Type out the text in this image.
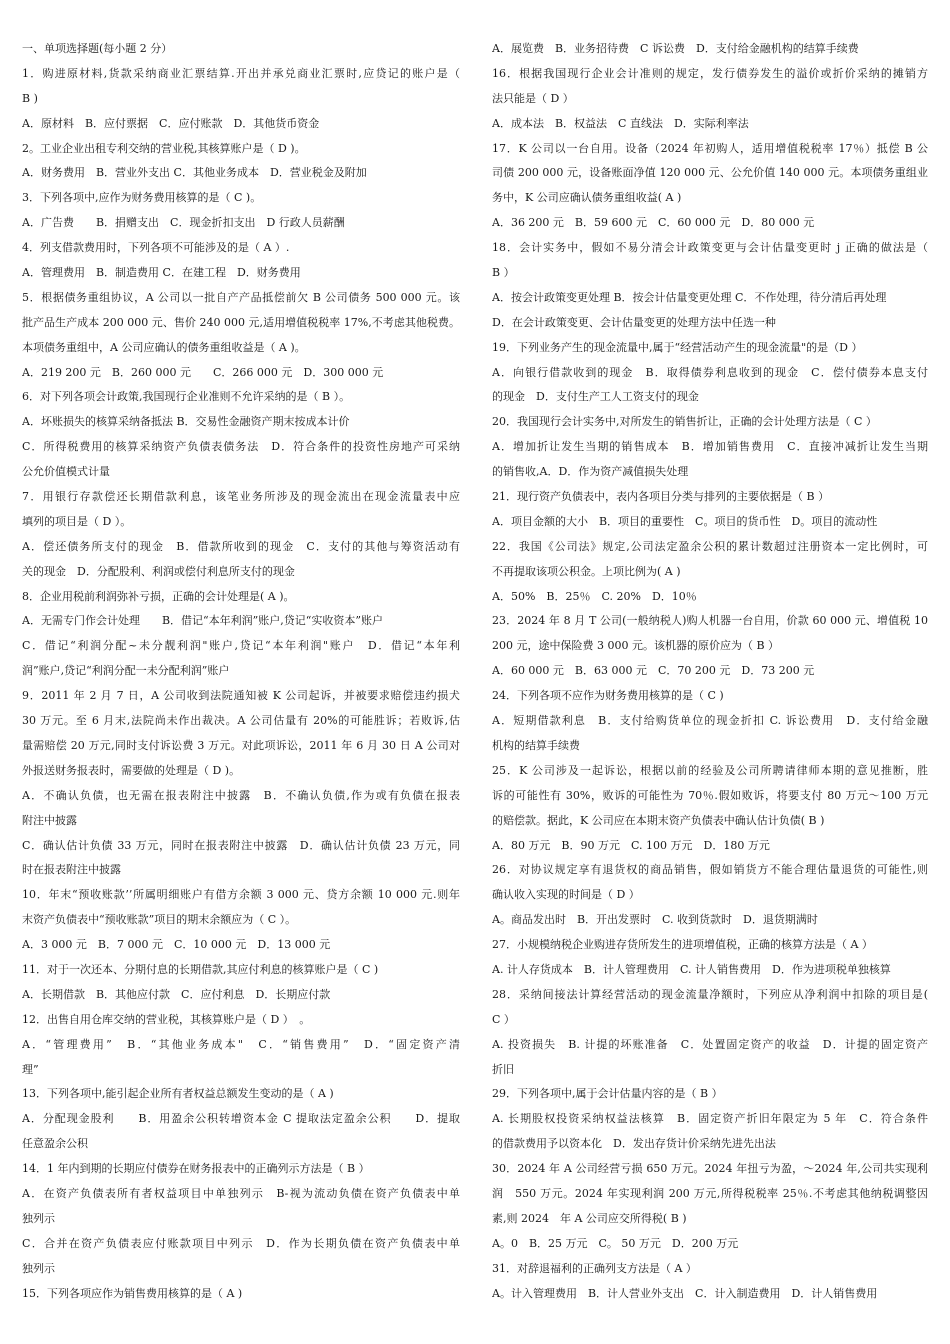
一、单项选择题(每小题 2 分）
1．购进原材料,货款采纳商业汇票结算.开出并承兑商业汇票时,应贷记的账户是（
B )
A．原材料　B．应付票据　C．应付账款　D．其他货币资金
2。工业企业出租专利交纳的营业税,其核算账户是（ D )。
A．财务费用　B．营业外支出 C．其他业务成本　D．营业税金及附加
3．下列各项中,应作为财务费用核算的是（ C )。
A．广告费　　B．捐赠支出　C．现金折扣支出　D 行政人员薪酬
4．列支借款费用时，下列各项不可能涉及的是（ A ）.
A．管理费用　B．制造费用 C．在建工程　D．财务费用
5．根据债务重组协议，A 公司以一批自产产品抵偿前欠 B 公司债务 500 000 元。该
批产品生产成本 200 000 元、售价 240 000 元,适用增值税税率 17%,不考虑其他税费。
本项债务重组中，A 公司应确认的债务重组收益是（ A )。
A．219 200 元　B．260 000 元　　C．266 000 元　D．300 000 元
6．对下列各项会计政策,我国现行企业准则不允许采纳的是（ B ）。
A．坏账损失的核算采纳备抵法 B．交易性金融资产期末按成本计价
C．所得税费用的核算采纳资产负债表债务法　D．符合条件的投资性房地产可采纳
公允价值模式计量
7．用银行存款偿还长期借款利息，该笔业务所涉及的现金流出在现金流量表中应
填列的项目是（ D ）。
A．偿还债务所支付的现金　B．借款所收到的现金　C．支付的其他与筹资活动有
关的现金　D．分配股利、利润或偿付利息所支付的现金
8．企业用税前利润弥补亏损，正确的会计处理是( A )。
A．无需专门作会计处理　　B．借记“本年利润”账户,贷记“实收资本”账户
C．借记“利润分配~未分靓利润"账户,贷记“本年利润"账户　D．借记“本年利
润”账户,贷记“利润分配一未分配利润”账户
9．2011 年 2 月 7 日，A 公司收到法院通知被 K 公司起诉，并被要求赔偿违约损犬
30 万元。至 6 月末,法院尚未作出裁决。A 公司估量有 20%的可能胜诉；若败诉,估
量需赔偿 20 万元,同时支付诉讼费 3 万元。对此项诉讼，2011 年 6 月 30 日 A 公司对
外报送财务报表时，需要做的处理是（ D )。
A．不确认负债，也无需在报表附注中披露　B．不确认负债,作为或有负债在报表
附注中披露
C．确认估计负债 33 万元，同时在报表附注中披露　D．确认估计负债 23 万元，同
时在报表附注中披露
10．年末“预收账款’’所属明细账户有借方余额 3 000 元、贷方余额 10 000 元.则年
末资产负债表中“预收账款”项目的期末余额应为（ C ）。
A．3 000 元　B．7 000 元　C．10 000 元　D．13 000 元
11．对于一次还本、分期付息的长期借款,其应付利息的核算账户是（ C )
A．长期借款　B．其他应付款　C．应付利息　D．长期应付款
12．出售自用仓库交纳的营业税，其核算账户是（ D ）　。
A．“管理费用”　B．“其他业务成本"　C．“销售费用”　D．“固定资产清
理”
13．下列各项中,能引起企业所有者权益总额发生变动的是（ A )
A．分配现金股利　　B．用盈余公积转增资本金 C 提取法定盈余公积　　D．提取
任意盈余公积
14．1 年内到期的长期应付债券在财务报表中的正确列示方法是（ B ）
A．在资产负债表所有者权益项目中单独列示　B-视为流动负债在资产负债表中单
独列示
C．合并在资产负债表应付账款项目中列示　D．作为长期负债在资产负债表中单
独列示
15．下列各项应作为销售费用核算的是（ A )
A．展览费　B．业务招待费　C 诉讼费　D．支付给金融机构的结算手续费
16．根据我国现行企业会计准则的规定，发行债券发生的溢价或折价采纳的摊销方
法只能是（ D ）
A．成本法　B．权益法　C 直线法　D．实际利率法
17．K 公司以一台自用。设备（2024 年初购人，适用增值税税率 17％）抵偿 B 公
司债 200 000 元，设备账面净值 120 000 元、公允价值 140 000 元。本项债务重组业
务中，K 公司应确认债务重组收益( A )
A．36 200 元　B．59 600 元　C．60 000 元　D．80 000 元
18．会计实务中，假如不易分清会计政策变更与会计估量变更时 j 正确的做法是（
B ）
A．按会计政策变更处理 B．按会计估量变更处理 C．不作处理，待分清后再处理
D．在会计政策变更、会计估量变更的处理方法中任选一种
19．下列业务产生的现金流量中,属于“经营活动产生的现金流量"的是（D ）
A．向银行借款收到的现金　B．取得债券利息收到的现金　C．偿付债券本息支付
的现金　D．支付生产工人工资支付的现金
20．我国现行会计实务中,对所发生的销售折让，正确的会计处理方法是（ C ）
A．增加折让发生当期的销售成本　B．增加销售费用　C．直接冲减折让发生当期
的销售收,A．D．作为资产减值损失处理
21．现行资产负债表中，表内各项目分类与排列的主要依据是（ B ）
A．项目金额的大小　B．项目的重要性　C。项目的货币性　D。项目的流动性
22．我国《公司法》规定,公司法定盈余公积的累计数超过注册资本一定比例时，可
不再提取该项公积金。上项比例为( A )
A．50%　B．25％　C. 20%　D．10％
23．2024 年 8 月 T 公司(一般纳税人)购人机器一台自用，价款 60 000 元、增值税 10
200 元，途中保险费 3 000 元。该机器的原价应为（ B ）
A．60 000 元　B．63 000 元　C．70 200 元　D．73 200 元
24．下列各项不应作为财务费用核算的是（ C )
A．短期借款利息　B．支付给购货单位的现金折扣 C. 诉讼费用　D．支付给金融
机构的结算手续费
25．K 公司涉及一起诉讼，根据以前的经验及公司所聘请律师本期的意见推断，胜
诉的可能性有 30%，败诉的可能性为 70％.假如败诉，将要支付 80 万元～100 万元
的赔偿款。据此，K 公司应在本期末资产负债表中确认估计负债( B )
A．80 万元　B．90 万元　C. 100 万元　D．180 万元
26．对协议规定享有退货权的商品销售，假如销货方不能合理估量退货的可能性,则
确认收入实现的时间是（ D ）
A。商品发出时　B．开出发票时　C. 收到货款时　D．退货期满时
27．小规模纳税企业购进存货所发生的进项增值税，正确的核算方法是（ A ）
A. 计人存货成本　B．计人管理费用　C. 计人销售费用　D．作为进项税单独核算
28．采纳间接法计算经营活动的现金流量净额时，下列应从净利润中扣除的项目是(
C ）
A. 投资损失　B. 计提的坏账准备　C．处置固定资产的收益　D．计提的固定资产
折旧
29．下列各项中,属于会计估量内容的是（ B ）
A. 长期股权投资采纳权益法核算　B．固定资产折旧年限定为 5 年　C．符合条件
的借款费用予以资本化　D．发出存货计价采纳先进先出法
30．2024 年 A 公司经营亏损 650 万元。2024 年扭亏为盈，～2024 年,公司共实现利
润　550 万元。2024 年实现利润 200 万元,所得税税率 25％.不考虑其他纳税调整因
素,则 2024　年 A 公司应交所得税( B )
A。0　B．25 万元　C。 50 万元　D．200 万元
31．对辞退福利的正确列支方法是（ A ）
A。计入管理费用　B．计人营业外支出　C．计入制造费用　D．计人销售费用
